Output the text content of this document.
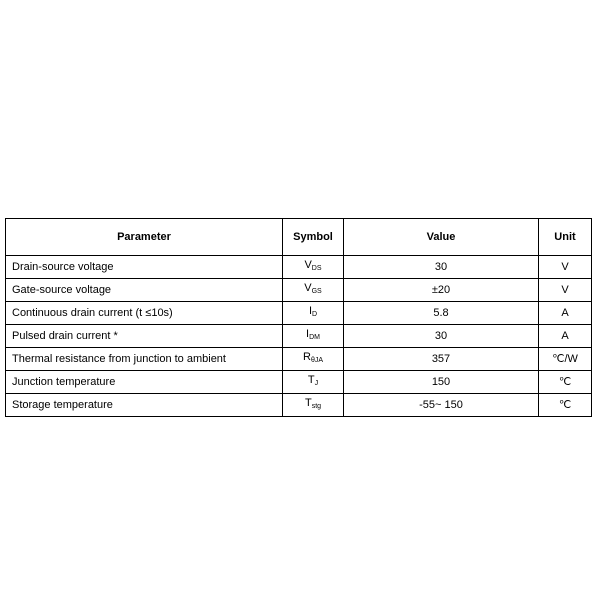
Parameter	Symbol	Value	Unit
Drain-source voltage	$V_{DS}$	30	V
Gate-source voltage	$V_{GS}$	±20	V
Continuous drain current (t ≤10s)	$I_D$	5.8	A
Pulsed drain current *	$I_{DM}$	30	A
Thermal resistance from junction to ambient	$R_{\theta JA}$	357	℃/W
Junction temperature	$T_J$	150	℃
Storage temperature	$T_{stg}$	-55~ 150	℃
